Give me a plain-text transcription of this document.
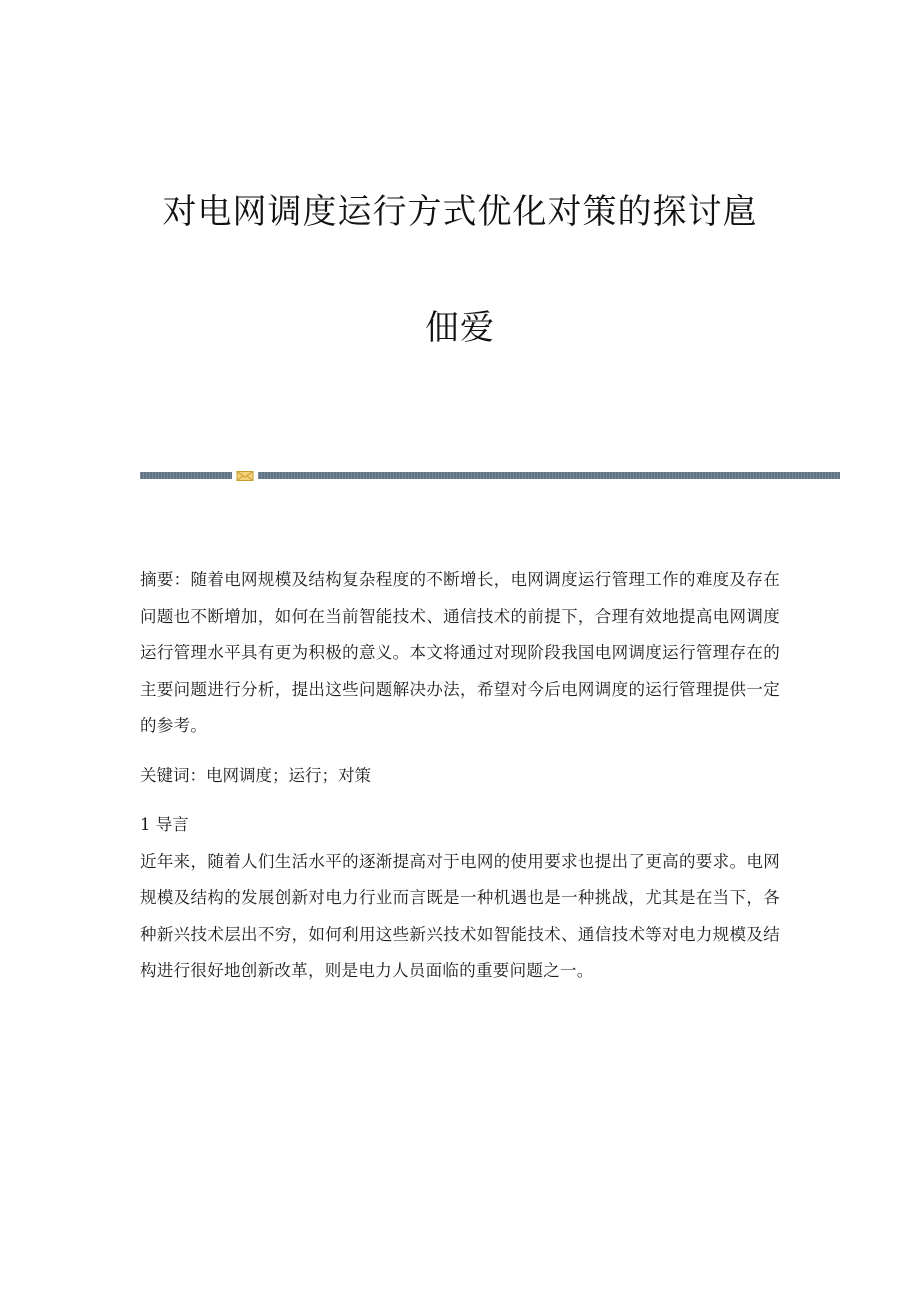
对电网调度运行方式优化对策的探讨扈
佃爱

摘要：随着电网规模及结构复杂程度的不断增长，电网调度运行管理工作的难度及存在问题也不断增加，如何在当前智能技术、通信技术的前提下，合理有效地提高电网调度运行管理水平具有更为积极的意义。本文将通过对现阶段我国电网调度运行管理存在的主要问题进行分析，提出这些问题解决办法，希望对今后电网调度的运行管理提供一定的参考。

关键词：电网调度；运行；对策

1 导言

近年来，随着人们生活水平的逐渐提高对于电网的使用要求也提出了更高的要求。电网规模及结构的发展创新对电力行业而言既是一种机遇也是一种挑战，尤其是在当下，各种新兴技术层出不穷，如何利用这些新兴技术如智能技术、通信技术等对电力规模及结构进行很好地创新改革，则是电力人员面临的重要问题之一。
